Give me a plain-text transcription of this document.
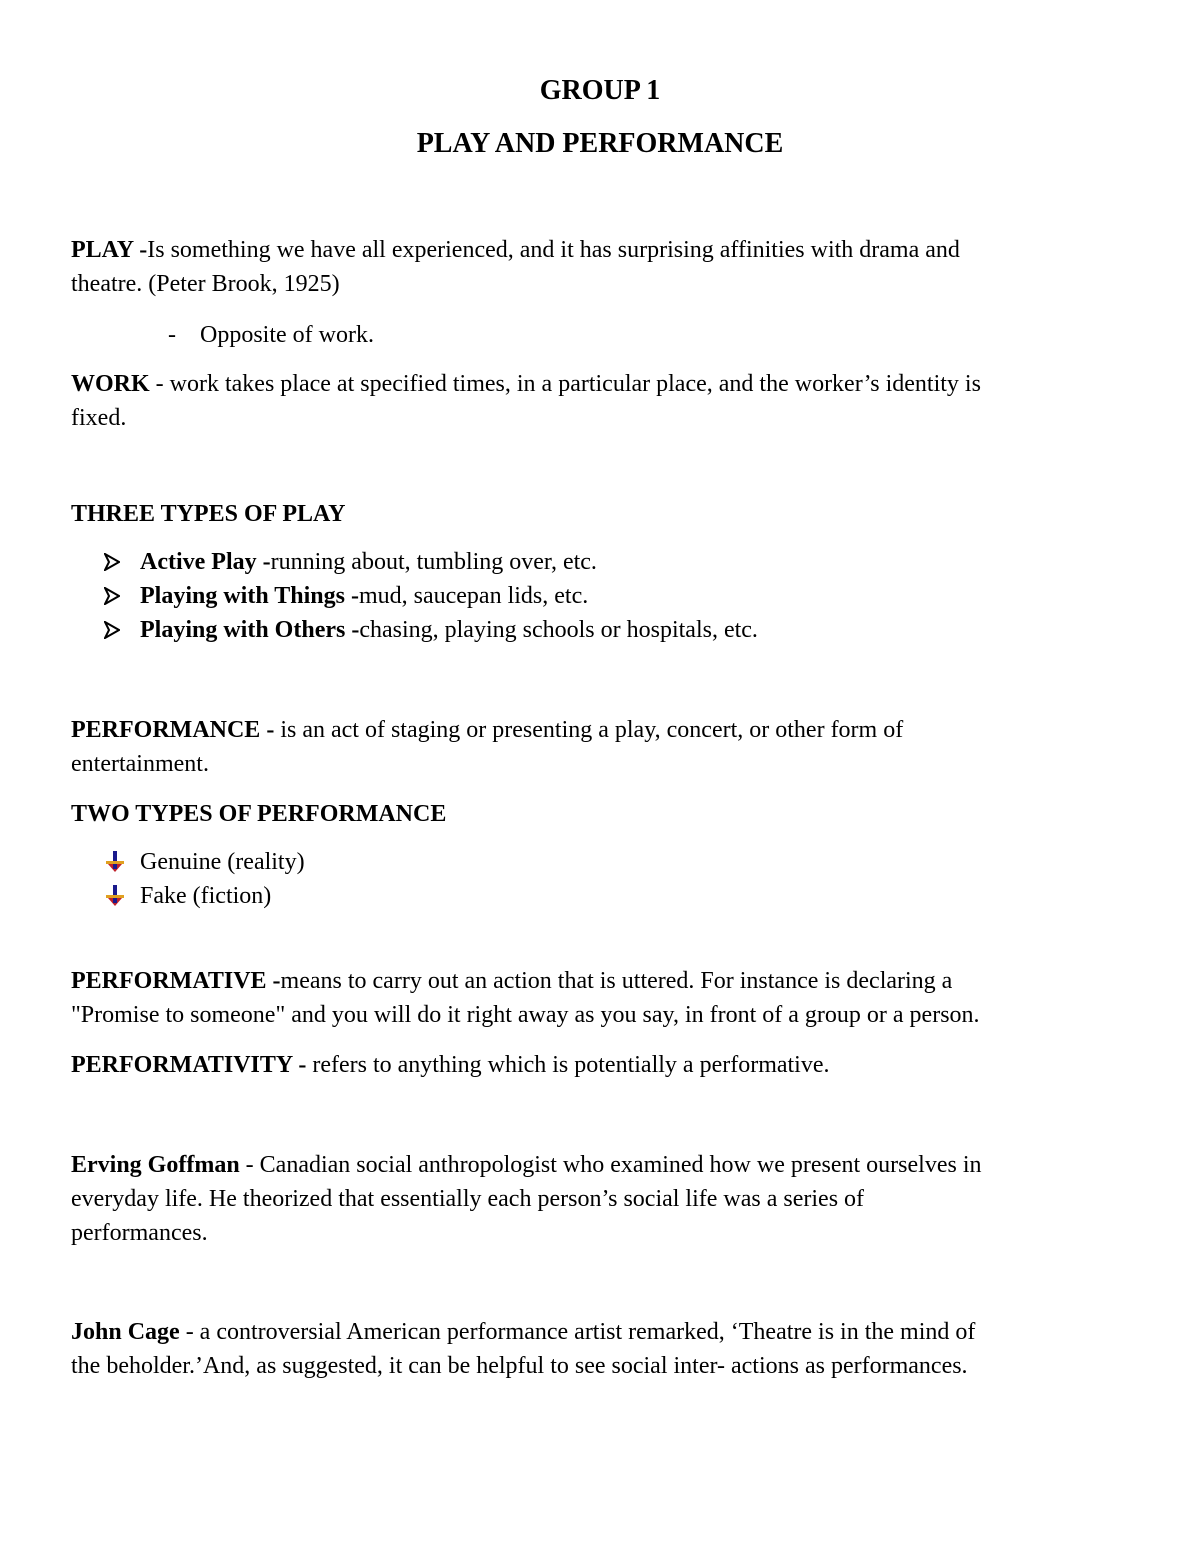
GROUP 1
PLAY AND PERFORMANCE
PLAY -Is something we have all experienced, and it has surprising affinities with drama and
theatre. (Peter Brook, 1925)
- Opposite of work.
WORK - work takes place at specified times, in a particular place, and the worker’s identity is
fixed.
THREE TYPES OF PLAY
Active Play - running about, tumbling over, etc.
Playing with Things - mud, saucepan lids, etc.
Playing with Others - chasing, playing schools or hospitals, etc.
PERFORMANCE - is an act of staging or presenting a play, concert, or other form of
entertainment.
TWO TYPES OF PERFORMANCE
Genuine (reality)
Fake (fiction)
PERFORMATIVE -means to carry out an action that is uttered. For instance is declaring a
"Promise to someone" and you will do it right away as you say, in front of a group or a person.
PERFORMATIVITY - refers to anything which is potentially a performative.
Erving Goffman - Canadian social anthropologist who examined how we present ourselves in
everyday life. He theorized that essentially each person’s social life was a series of
performances.
John Cage - a controversial American performance artist remarked, ‘Theatre is in the mind of
the beholder.’And, as suggested, it can be helpful to see social inter- actions as performances.
